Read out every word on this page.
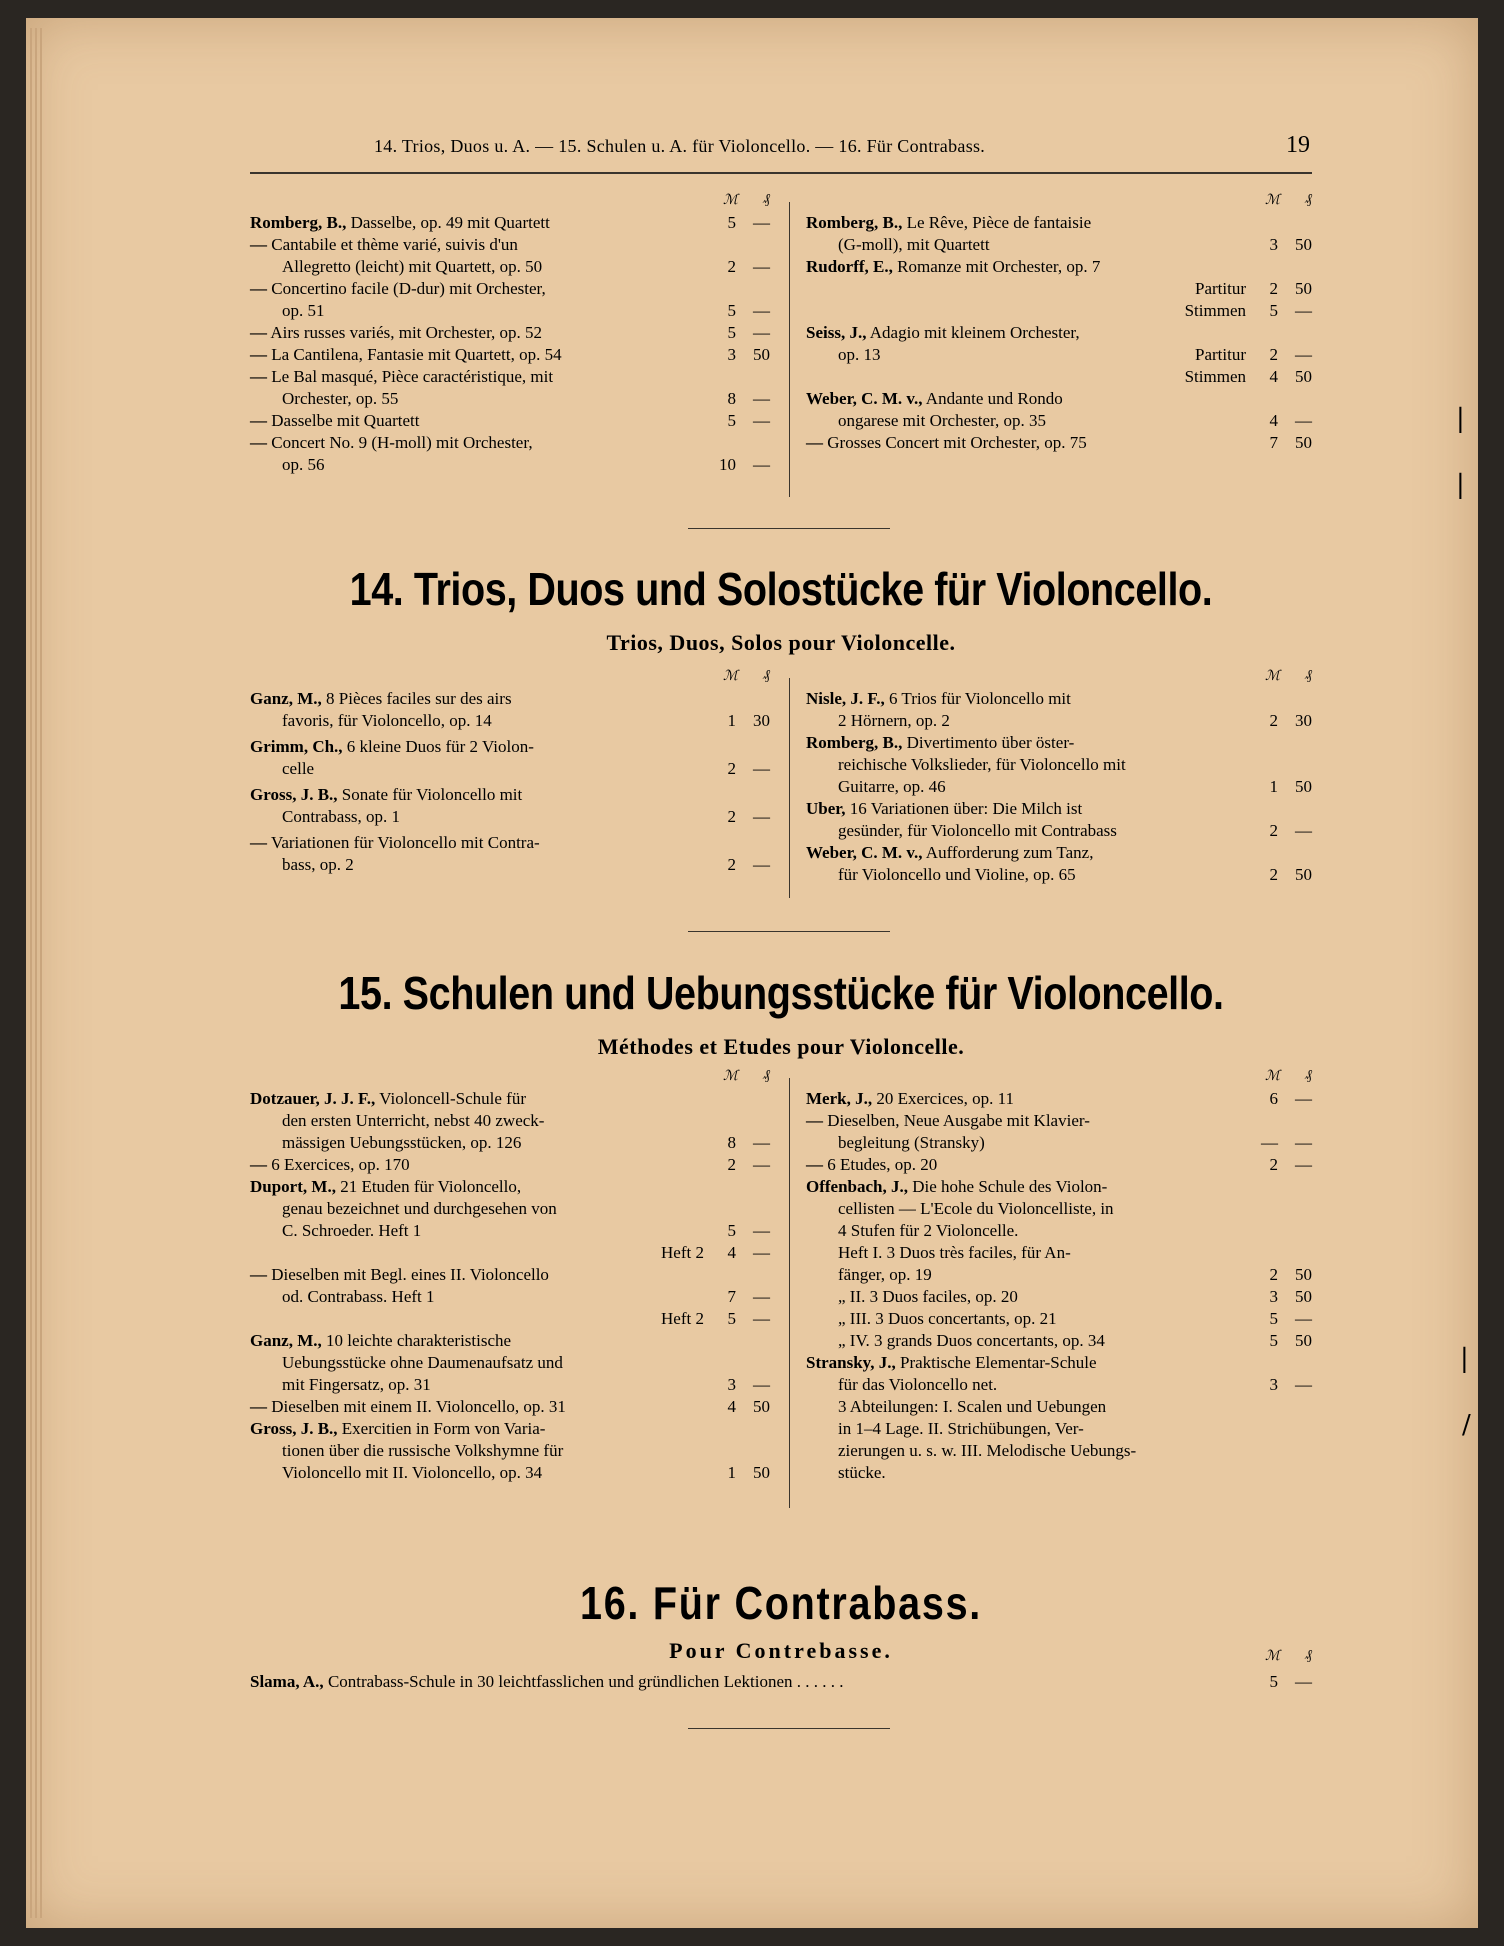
14. Trios, Duos u. A. — 15. Schulen u. A. für Violoncello. — 16. Für Contrabass.	19
ℳ ₰
Romberg, B., Dasselbe, op. 49 mit Quartett	5 —
— Cantabile et thème varié, suivis d'un
Allegretto (leicht) mit Quartett, op. 50	2 —
— Concertino facile (D-dur) mit Orchester,
op. 51	5 —
— Airs russes variés, mit Orchester, op. 52	5 —
— La Cantilena, Fantasie mit Quartett, op. 54	3 50
— Le Bal masqué, Pièce caractéristique, mit
Orchester, op. 55	8 —
— Dasselbe mit Quartett	5 —
— Concert No. 9 (H-moll) mit Orchester,
op. 56	10 —
ℳ ₰
Romberg, B., Le Rêve, Pièce de fantaisie
(G-moll), mit Quartett	3 50
Rudorff, E., Romanze mit Orchester, op. 7
Partitur 2 50
Stimmen 5 —
Seiss, J., Adagio mit kleinem Orchester,
op. 13	Partitur 2 —
Stimmen 4 50
Weber, C. M. v., Andante und Rondo
ongarese mit Orchester, op. 35	4 —
— Grosses Concert mit Orchester, op. 75	7 50
14. Trios, Duos und Solostücke für Violoncello.
Trios, Duos, Solos pour Violoncelle.
ℳ ₰
Ganz, M., 8 Pièces faciles sur des airs
favoris, für Violoncello, op. 14	1 30
Grimm, Ch., 6 kleine Duos für 2 Violon-
celle	2 —
Gross, J. B., Sonate für Violoncello mit
Contrabass, op. 1	2 —
— Variationen für Violoncello mit Contra-
bass, op. 2	2 —
ℳ ₰
Nisle, J. F., 6 Trios für Violoncello mit
2 Hörnern, op. 2	2 30
Romberg, B., Divertimento über öster-
reichische Volkslieder, für Violoncello mit
Guitarre, op. 46	1 50
Uber, 16 Variationen über: Die Milch ist
gesünder, für Violoncello mit Contrabass	2 —
Weber, C. M. v., Aufforderung zum Tanz,
für Violoncello und Violine, op. 65	2 50
15. Schulen und Uebungsstücke für Violoncello.
Méthodes et Etudes pour Violoncelle.
ℳ ₰
Dotzauer, J. J. F., Violoncell-Schule für
den ersten Unterricht, nebst 40 zweck-
mässigen Uebungsstücken, op. 126	8 —
— 6 Exercices, op. 170	2 —
Duport, M., 21 Etuden für Violoncello,
genau bezeichnet und durchgesehen von
C. Schroeder. Heft 1	5 —
Heft 2 4 —
— Dieselben mit Begl. eines II. Violoncello
od. Contrabass. Heft 1	7 —
Heft 2 5 —
Ganz, M., 10 leichte charakteristische
Uebungsstücke ohne Daumenaufsatz und
mit Fingersatz, op. 31	3 —
— Dieselben mit einem II. Violoncello, op. 31	4 50
Gross, J. B., Exercitien in Form von Varia-
tionen über die russische Volkshymne für
Violoncello mit II. Violoncello, op. 34	1 50
ℳ ₰
Merk, J., 20 Exercices, op. 11	6 —
— Dieselben, Neue Ausgabe mit Klavier-
begleitung (Stransky)	— —
— 6 Etudes, op. 20	2 —
Offenbach, J., Die hohe Schule des Violon-
cellisten — L'Ecole du Violoncelliste, in
4 Stufen für 2 Violoncelle.
Heft I. 3 Duos très faciles, für An-
fänger, op. 19	2 50
„ II. 3 Duos faciles, op. 20	3 50
„ III. 3 Duos concertants, op. 21	5 —
„ IV. 3 grands Duos concertants, op. 34	5 50
Stransky, J., Praktische Elementar-Schule
für das Violoncello net.	3 —
3 Abteilungen: I. Scalen und Uebungen
in 1–4 Lage. II. Strichübungen, Ver-
zierungen u. s. w. III. Melodische Uebungs-
stücke.
16. Für Contrabass.
Pour Contrebasse.	ℳ ₰
Slama, A., Contrabass-Schule in 30 leichtfasslichen und gründlichen Lektionen . . . . . .	5 —
|
|
|
/
